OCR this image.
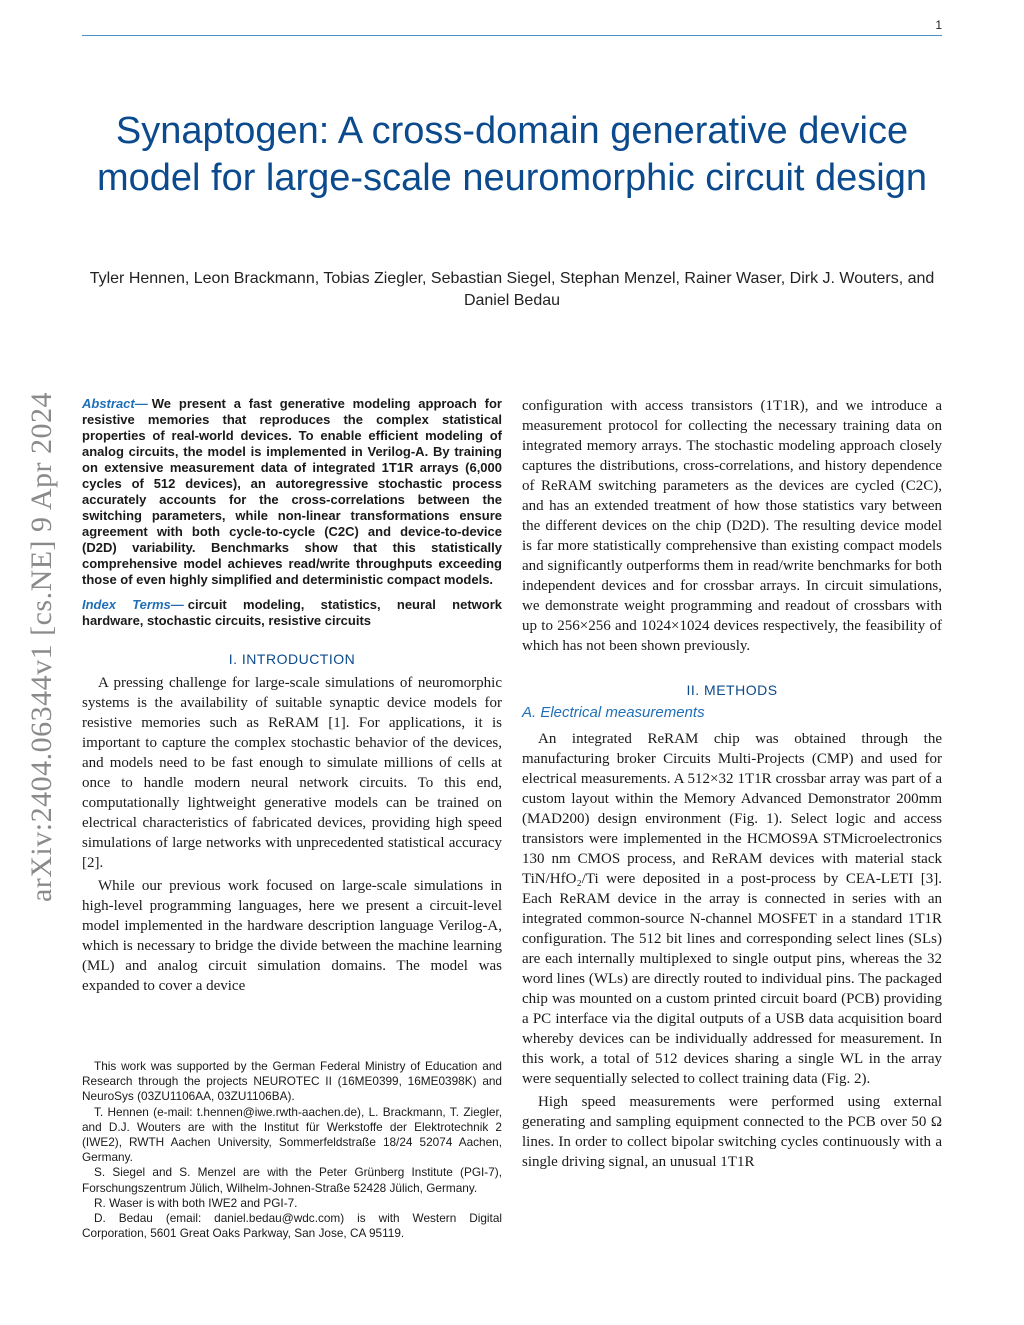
1
Synaptogen: A cross-domain generative device model for large-scale neuromorphic circuit design
Tyler Hennen, Leon Brackmann, Tobias Ziegler, Sebastian Siegel, Stephan Menzel, Rainer Waser, Dirk J. Wouters, and Daniel Bedau
arXiv:2404.06344v1 [cs.NE] 9 Apr 2024 Abstract— We present a fast generative modeling approach for resistive memories that reproduces the complex statistical properties of real-world devices. To enable efficient modeling of analog circuits, the model is implemented in Verilog-A. By training on extensive measurement data of integrated 1T1R arrays (6,000 cycles of 512 devices), an autoregressive stochastic process accurately accounts for the cross-correlations between the switching parameters, while non-linear transformations ensure agreement with both cycle-to-cycle (C2C) and device-to-device (D2D) variability. Benchmarks show that this statistically comprehensive model achieves read/write throughputs exceeding those of even highly simplified and deterministic compact models.

Index Terms— circuit modeling, statistics, neural network hardware, stochastic circuits, resistive circuits

I. INTRODUCTION

A pressing challenge for large-scale simulations of neuromorphic systems is the availability of suitable synaptic device models for resistive memories such as ReRAM [1]. For applications, it is important to capture the complex stochastic behavior of the devices, and models need to be fast enough to simulate millions of cells at once to handle modern neural network circuits. To this end, computationally lightweight generative models can be trained on electrical characteristics of fabricated devices, providing high speed simulations of large networks with unprecedented statistical accuracy [2].

While our previous work focused on large-scale simulations in high-level programming languages, here we present a circuit-level model implemented in the hardware description language Verilog-A, which is necessary to bridge the divide between the machine learning (ML) and analog circuit simulation domains. The model was expanded to cover a device

configuration with access transistors (1T1R), and we introduce a measurement protocol for collecting the necessary training data on integrated memory arrays. The stochastic modeling approach closely captures the distributions, cross-correlations, and history dependence of ReRAM switching parameters as the devices are cycled (C2C), and has an extended treatment of how those statistics vary between the different devices on the chip (D2D). The resulting device model is far more statistically comprehensive than existing compact models and significantly outperforms them in read/write benchmarks for both independent devices and for crossbar arrays. In circuit simulations, we demonstrate weight programming and readout of crossbars with up to 256×256 and 1024×1024 devices respectively, the feasibility of which has not been shown previously.

II. METHODS
A. Electrical measurements

An integrated ReRAM chip was obtained through the manufacturing broker Circuits Multi-Projects (CMP) and used for electrical measurements. A 512×32 1T1R crossbar array was part of a custom layout within the Memory Advanced Demonstrator 200mm (MAD200) design environment (Fig. 1). Select logic and access transistors were implemented in the HCMOS9A STMicroelectronics 130 nm CMOS process, and ReRAM devices with material stack TiN/HfO₂/Ti were deposited in a post-process by CEA-LETI [3]. Each ReRAM device in the array is connected in series with an integrated common-source N-channel MOSFET in a standard 1T1R configuration. The 512 bit lines and corresponding select lines (SLs) are each internally multiplexed to single output pins, whereas the 32 word lines (WLs) are directly routed to individual pins. The packaged chip was mounted on a custom printed circuit board (PCB) providing a PC interface via the digital outputs of a USB data acquisition board whereby devices can be individually addressed for measurement. In this work, a total of 512 devices sharing a single WL in the array were sequentially selected to collect training data (Fig. 2).

High speed measurements were performed using external generating and sampling equipment connected to the PCB over 50 Ω lines. In order to collect bipolar switching cycles continuously with a single driving signal, an unusual 1T1R

This work was supported by the German Federal Ministry of Education and Research through the projects NEUROTEC II (16ME0399, 16ME0398K) and NeuroSys (03ZU1106AA, 03ZU1106BA).

T. Hennen (e-mail: t.hennen@iwe.rwth-aachen.de), L. Brackmann, T. Ziegler, and D.J. Wouters are with the Institut für Werkstoffe der Elektrotechnik 2 (IWE2), RWTH Aachen University, Sommerfeldstraße 18/24 52074 Aachen, Germany.

S. Siegel and S. Menzel are with the Peter Grünberg Institute (PGI-7), Forschungszentrum Jülich, Wilhelm-Johnen-Straße 52428 Jülich, Germany.

R. Waser is with both IWE2 and PGI-7.

D. Bedau (email: daniel.bedau@wdc.com) is with Western Digital Corporation, 5601 Great Oaks Parkway, San Jose, CA 95119.
